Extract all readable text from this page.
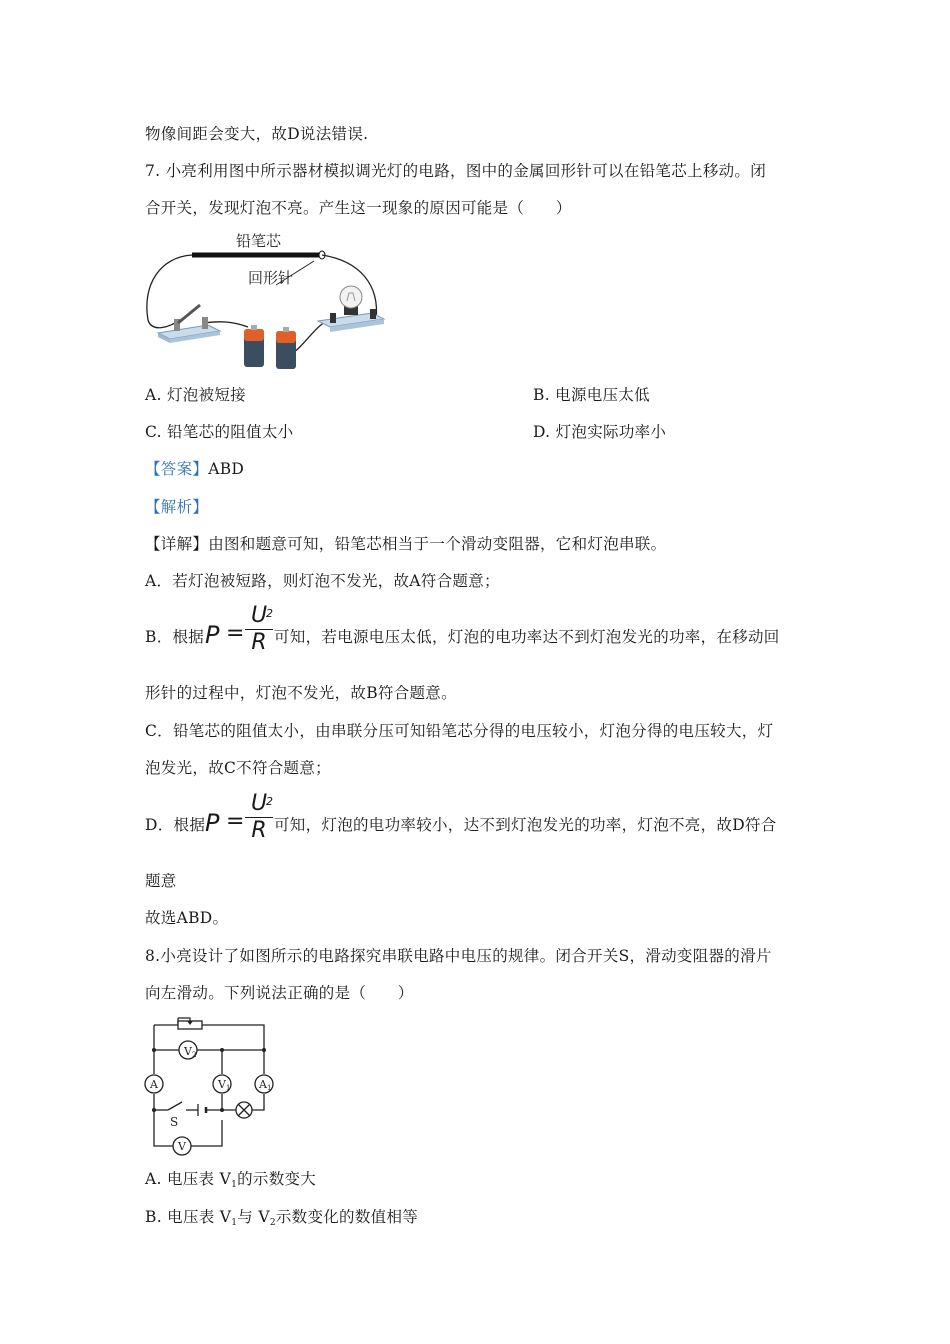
物像间距会变大，故D说法错误.
7. 小亮利用图中所示器材模拟调光灯的电路，图中的金属回形针可以在铅笔芯上移动。闭
合开关，发现灯泡不亮。产生这一现象的原因可能是（　　）
铅笔芯
回形针
A. 灯泡被短接	B. 电源电压太低
C. 铅笔芯的阻值太小	D. 灯泡实际功率小
【答案】ABD
【解析】
【详解】由图和题意可知，铅笔芯相当于一个滑动变阻器，它和灯泡串联。
A．若灯泡被短路，则灯泡不发光，故A符合题意；
B．根据 P =
U 2
R 可知，若电源电压太低，灯泡的电功率达不到灯泡发光的功率，在移动回
形针的过程中，灯泡不发光，故B符合题意。
C．铅笔芯的阻值太小，由串联分压可知铅笔芯分得的电压较小，灯泡分得的电压较大，灯
泡发光，故C不符合题意；
D．根据 P =
U 2
R 可知，灯泡的电功率较小，达不到灯泡发光的功率，灯泡不亮，故D符合
题意
故选ABD。
8.小亮设计了如图所示的电路探究串联电路中电压的规律。闭合开关S，滑动变阻器的滑片
向左滑动。下列说法正确的是（　　）
V2
A	V1	A1
V
S
A. 电压表 $V_1$的示数变大
B. 电压表 $V_1$与 $V_2$示数变化的数值相等
